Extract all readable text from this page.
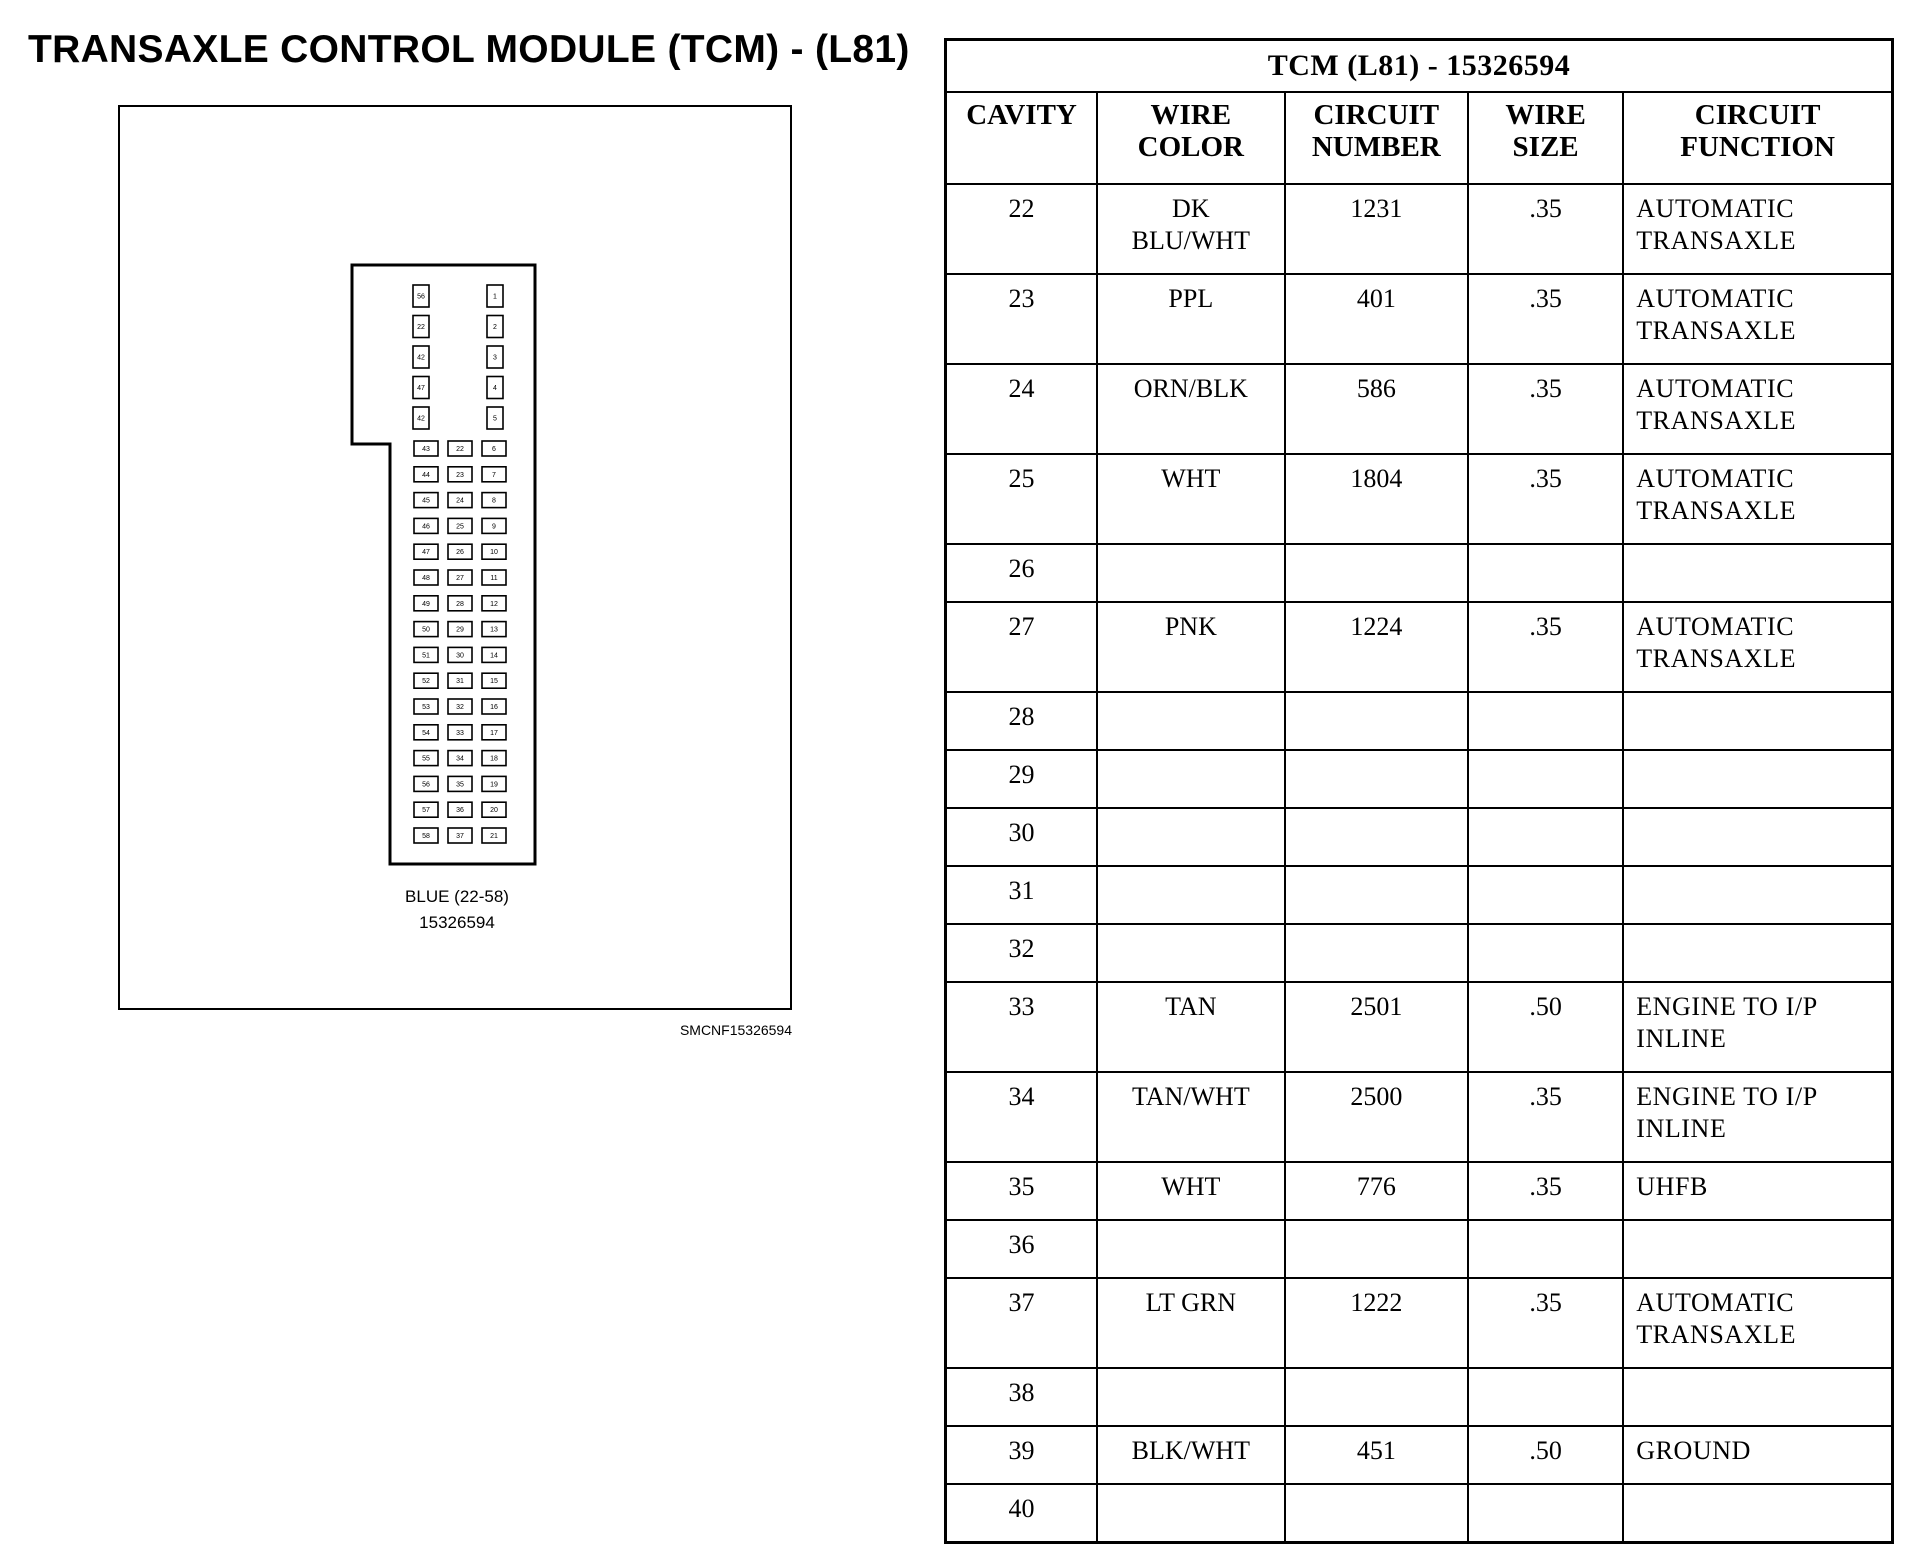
TRANSAXLE CONTROL MODULE (TCM) - (L81)
56
22
42
47
42
1
2
3
4
5
43	22	6
44	23	7
45	24	8
46	25	9
47	26	10
48	27	11
49	28	12
50	29	13
51	30	14
52	31	15
53	32	16
54	33	17
55	34	18
56	35	19
57	36	20
58	37	21
BLUE (22-58)
15326594
SMCNF15326594
TCM (L81) - 15326594				
CAVITY	WIRE COLOR	CIRCUIT NUMBER	WIRE SIZE	CIRCUIT FUNCTION
22	DK BLU/WHT	1231	.35	AUTOMATIC TRANSAXLE
23	PPL	401	.35	AUTOMATIC TRANSAXLE
24	ORN/BLK	586	.35	AUTOMATIC TRANSAXLE
25	WHT	1804	.35	AUTOMATIC TRANSAXLE
26				
27	PNK	1224	.35	AUTOMATIC TRANSAXLE
28				
29				
30				
31				
32				
33	TAN	2501	.50	ENGINE TO I/P INLINE
34	TAN/WHT	2500	.35	ENGINE TO I/P INLINE
35	WHT	776	.35	UHFB
36				
37	LT GRN	1222	.35	AUTOMATIC TRANSAXLE
38				
39	BLK/WHT	451	.50	GROUND
40				
